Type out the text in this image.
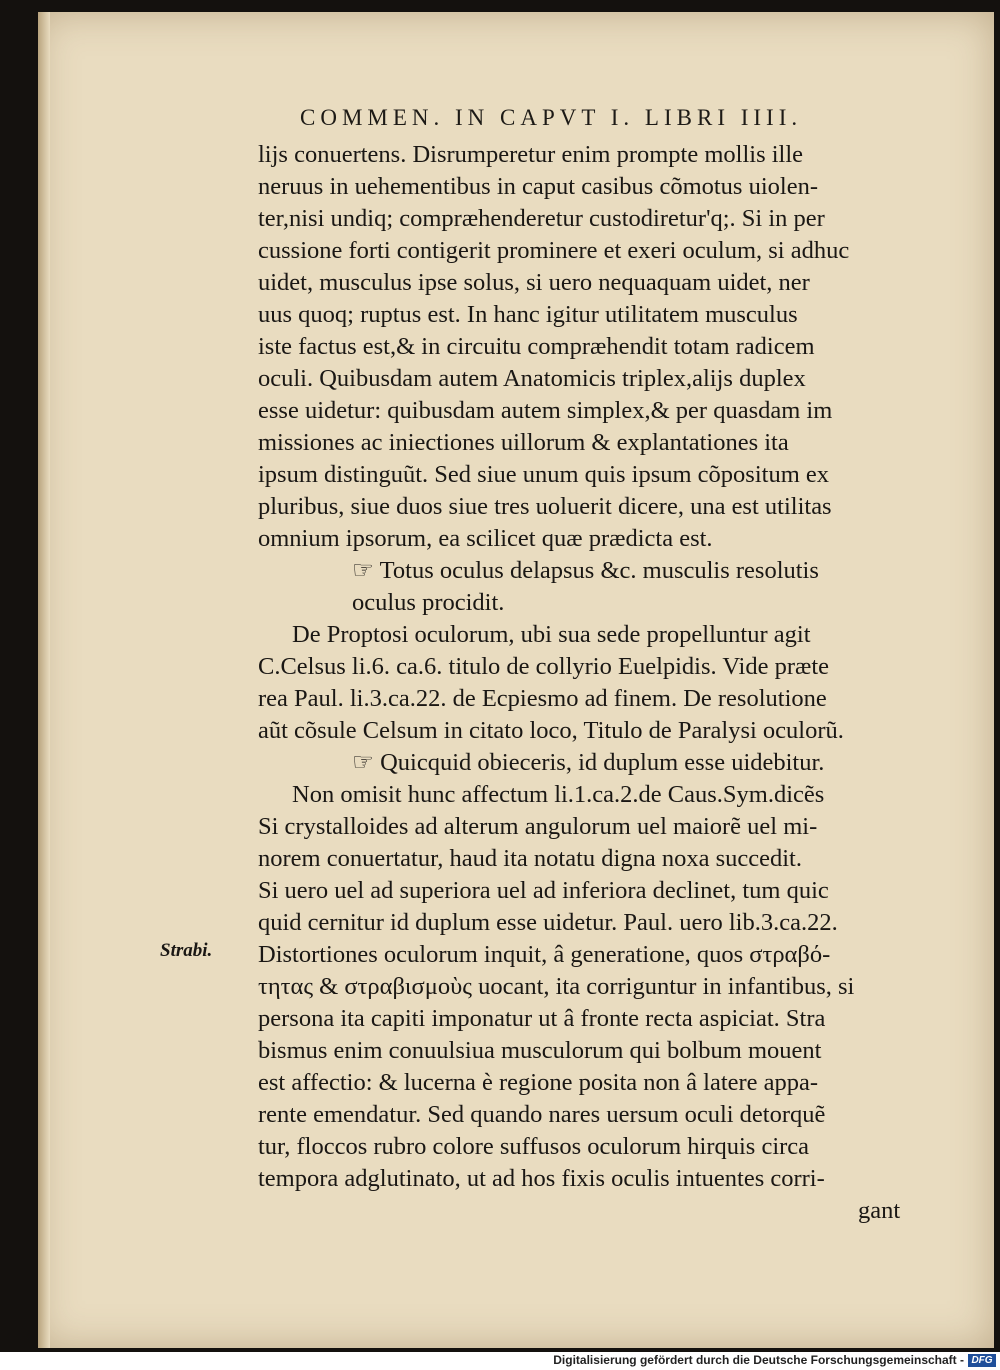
COMMEN. IN CAPVT I. LIBRI IIII.
lijs conuertens. Disrumperetur enim prompte mollis ille
neruus in uehementibus in caput casibus cõmotus uiolen-
ter,nisi undiq; compræhenderetur custodiretur'q;. Si in per
cussione forti contigerit prominere et exeri oculum, si adhuc
uidet, musculus ipse solus, si uero nequaquam uidet, ner
uus quoq; ruptus est. In hanc igitur utilitatem musculus
iste factus est,& in circuitu compræhendit totam radicem
oculi. Quibusdam autem Anatomicis triplex,alijs duplex
esse uidetur: quibusdam autem simplex,& per quasdam im
missiones ac iniectiones uillorum & explantationes ita
ipsum distinguũt. Sed siue unum quis ipsum cõpositum ex
pluribus, siue duos siue tres uoluerit dicere, una est utilitas
omnium ipsorum, ea scilicet quæ prædicta est.
☞ Totus oculus delapsus &c. musculis resolutis
oculus procidit.
De Proptosi oculorum, ubi sua sede propelluntur agit
C.Celsus li.6. ca.6. titulo de collyrio Euelpidis. Vide præte
rea Paul. li.3.ca.22. de Ecpiesmo ad finem. De resolutione
aũt cõsule Celsum in citato loco, Titulo de Paralysi oculorũ.
☞ Quicquid obieceris, id duplum esse uidebitur.
Non omisit hunc affectum li.1.ca.2.de Caus.Sym.dicẽs
Si crystalloides ad alterum angulorum uel maiorẽ uel mi-
norem conuertatur, haud ita notatu digna noxa succedit.
Si uero uel ad superiora uel ad inferiora declinet, tum quic
quid cernitur id duplum esse uidetur. Paul. uero lib.3.ca.22.
Distortiones oculorum inquit, â generatione, quos στραβό-
τητας & στραβισμοὺς uocant, ita corriguntur in infantibus, si
persona ita capiti imponatur ut â fronte recta aspiciat. Stra
bismus enim conuulsiua musculorum qui bolbum mouent
est affectio: & lucerna è regione posita non â latere appa-
rente emendatur. Sed quando nares uersum oculi detorquẽ
tur, floccos rubro colore suffusos oculorum hirquis circa
tempora adglutinato, ut ad hos fixis oculis intuentes corri-
gant
Strabi.
Digitalisierung gefördert durch die Deutsche Forschungsgemeinschaft - DFG
